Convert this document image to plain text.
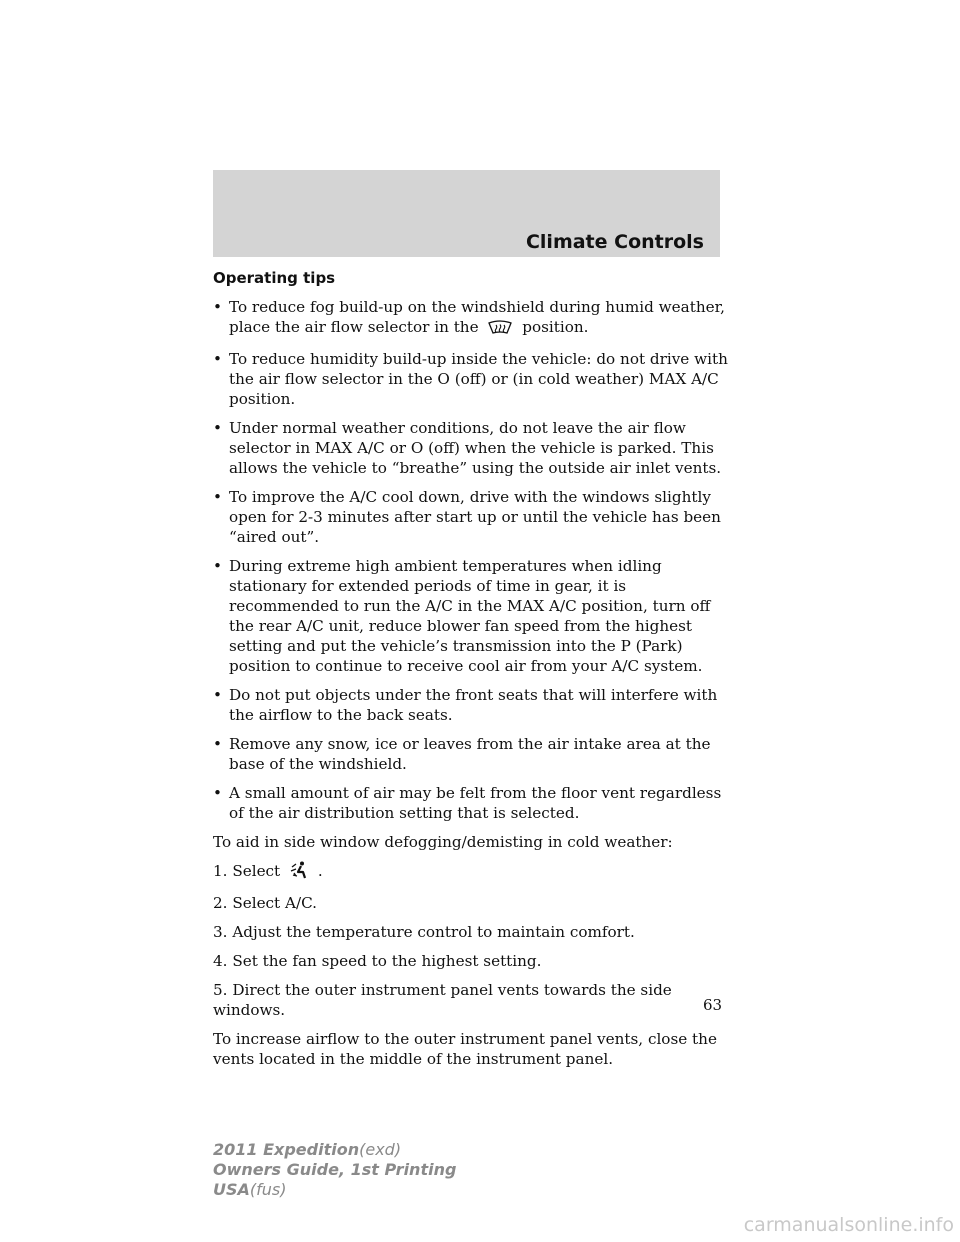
Climate Controls
Operating tips
• To reduce fog build-up on the windshield during humid weather, place the air flow selector in the	position.
• To reduce humidity build-up inside the vehicle: do not drive with the air flow selector in the O (off) or (in cold weather) MAX A/C position.
• Under normal weather conditions, do not leave the air flow selector in MAX A/C or O (off) when the vehicle is parked. This allows the vehicle to “breathe” using the outside air inlet vents.
• To improve the A/C cool down, drive with the windows slightly open for 2-3 minutes after start up or until the vehicle has been “aired out”.
• During extreme high ambient temperatures when idling stationary for extended periods of time in gear, it is recommended to run the A/C in the MAX A/C position, turn off the rear A/C unit, reduce blower fan speed from the highest setting and put the vehicle’s transmission into the P (Park) position to continue to receive cool air from your A/C system.
• Do not put objects under the front seats that will interfere with the airflow to the back seats.
• Remove any snow, ice or leaves from the air intake area at the base of the windshield.
• A small amount of air may be felt from the floor vent regardless of the air distribution setting that is selected.

To aid in side window defogging/demisting in cold weather:

1. Select .

2. Select A/C.

3. Adjust the temperature control to maintain comfort.

4. Set the fan speed to the highest setting.

5. Direct the outer instrument panel vents towards the side windows.

To increase airflow to the outer instrument panel vents, close the vents located in the middle of the instrument panel.

63
2011 Expedition(exd)
Owners Guide, 1st Printing
USA(fus)
carmanualsonline.info
